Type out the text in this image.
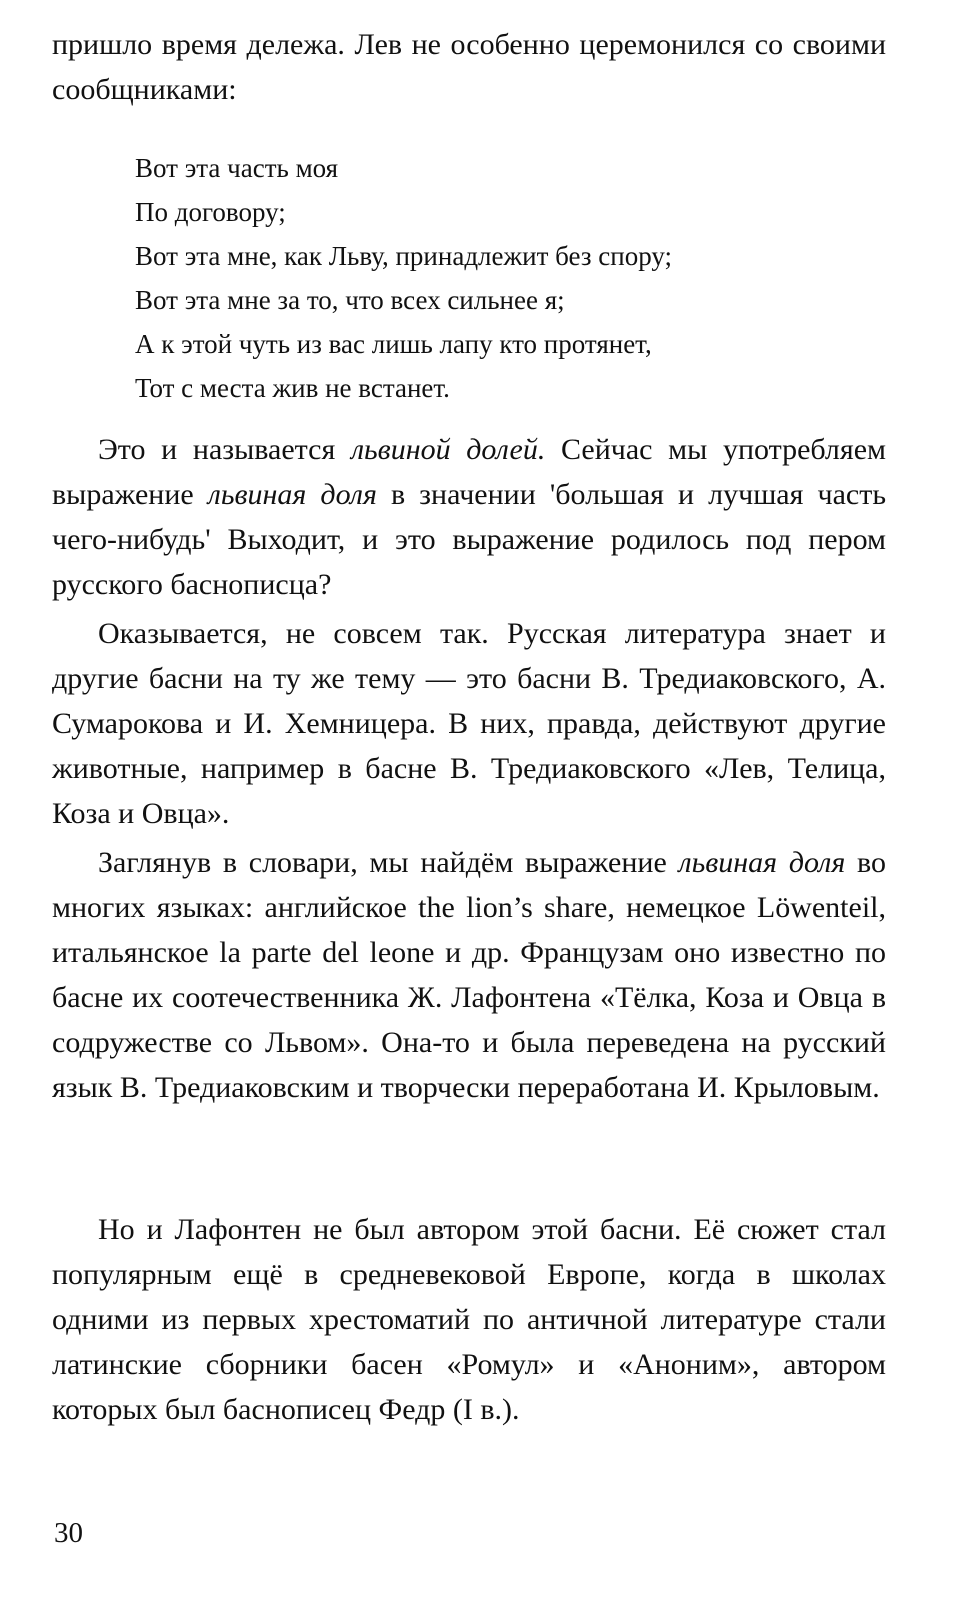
пришло время дележа. Лев не особенно церемонился со своими сообщниками:

Вот эта часть моя
По договору;
Вот эта мне, как Льву, принадлежит без спору;
Вот эта мне за то, что всех сильнее я;
А к этой чуть из вас лишь лапу кто протянет,
Тот с места жив не встанет.

Это и называется львиной долей. Сейчас мы употребляем выражение львиная доля в значении 'большая и лучшая часть чего-нибудь' Выходит, и это выражение родилось под пером русского баснописца?

Оказывается, не совсем так. Русская литература знает и другие басни на ту же тему — это басни В. Тредиаковского, А. Сумарокова и И. Хемницера. В них, правда, действуют другие животные, например в басне В. Тредиаковского «Лев, Телица, Коза и Овца».

Заглянув в словари, мы найдём выражение львиная доля во многих языках: английское the lion’s share, немецкое Löwenteil, итальянское la parte del leone и др. Французам оно известно по басне их соотечественника Ж. Лафонтена «Тёлка, Коза и Овца в содружестве со Львом». Она-то и была переведена на русский язык В. Тредиаковским и творчески переработана И. Крыловым.

Но и Лафонтен не был автором этой басни. Её сюжет стал популярным ещё в средневековой Европе, когда в школах одними из первых хрестоматий по античной литературе стали латинские сборники басен «Ромул» и «Аноним», автором которых был баснописец Федр (I в.).

30
